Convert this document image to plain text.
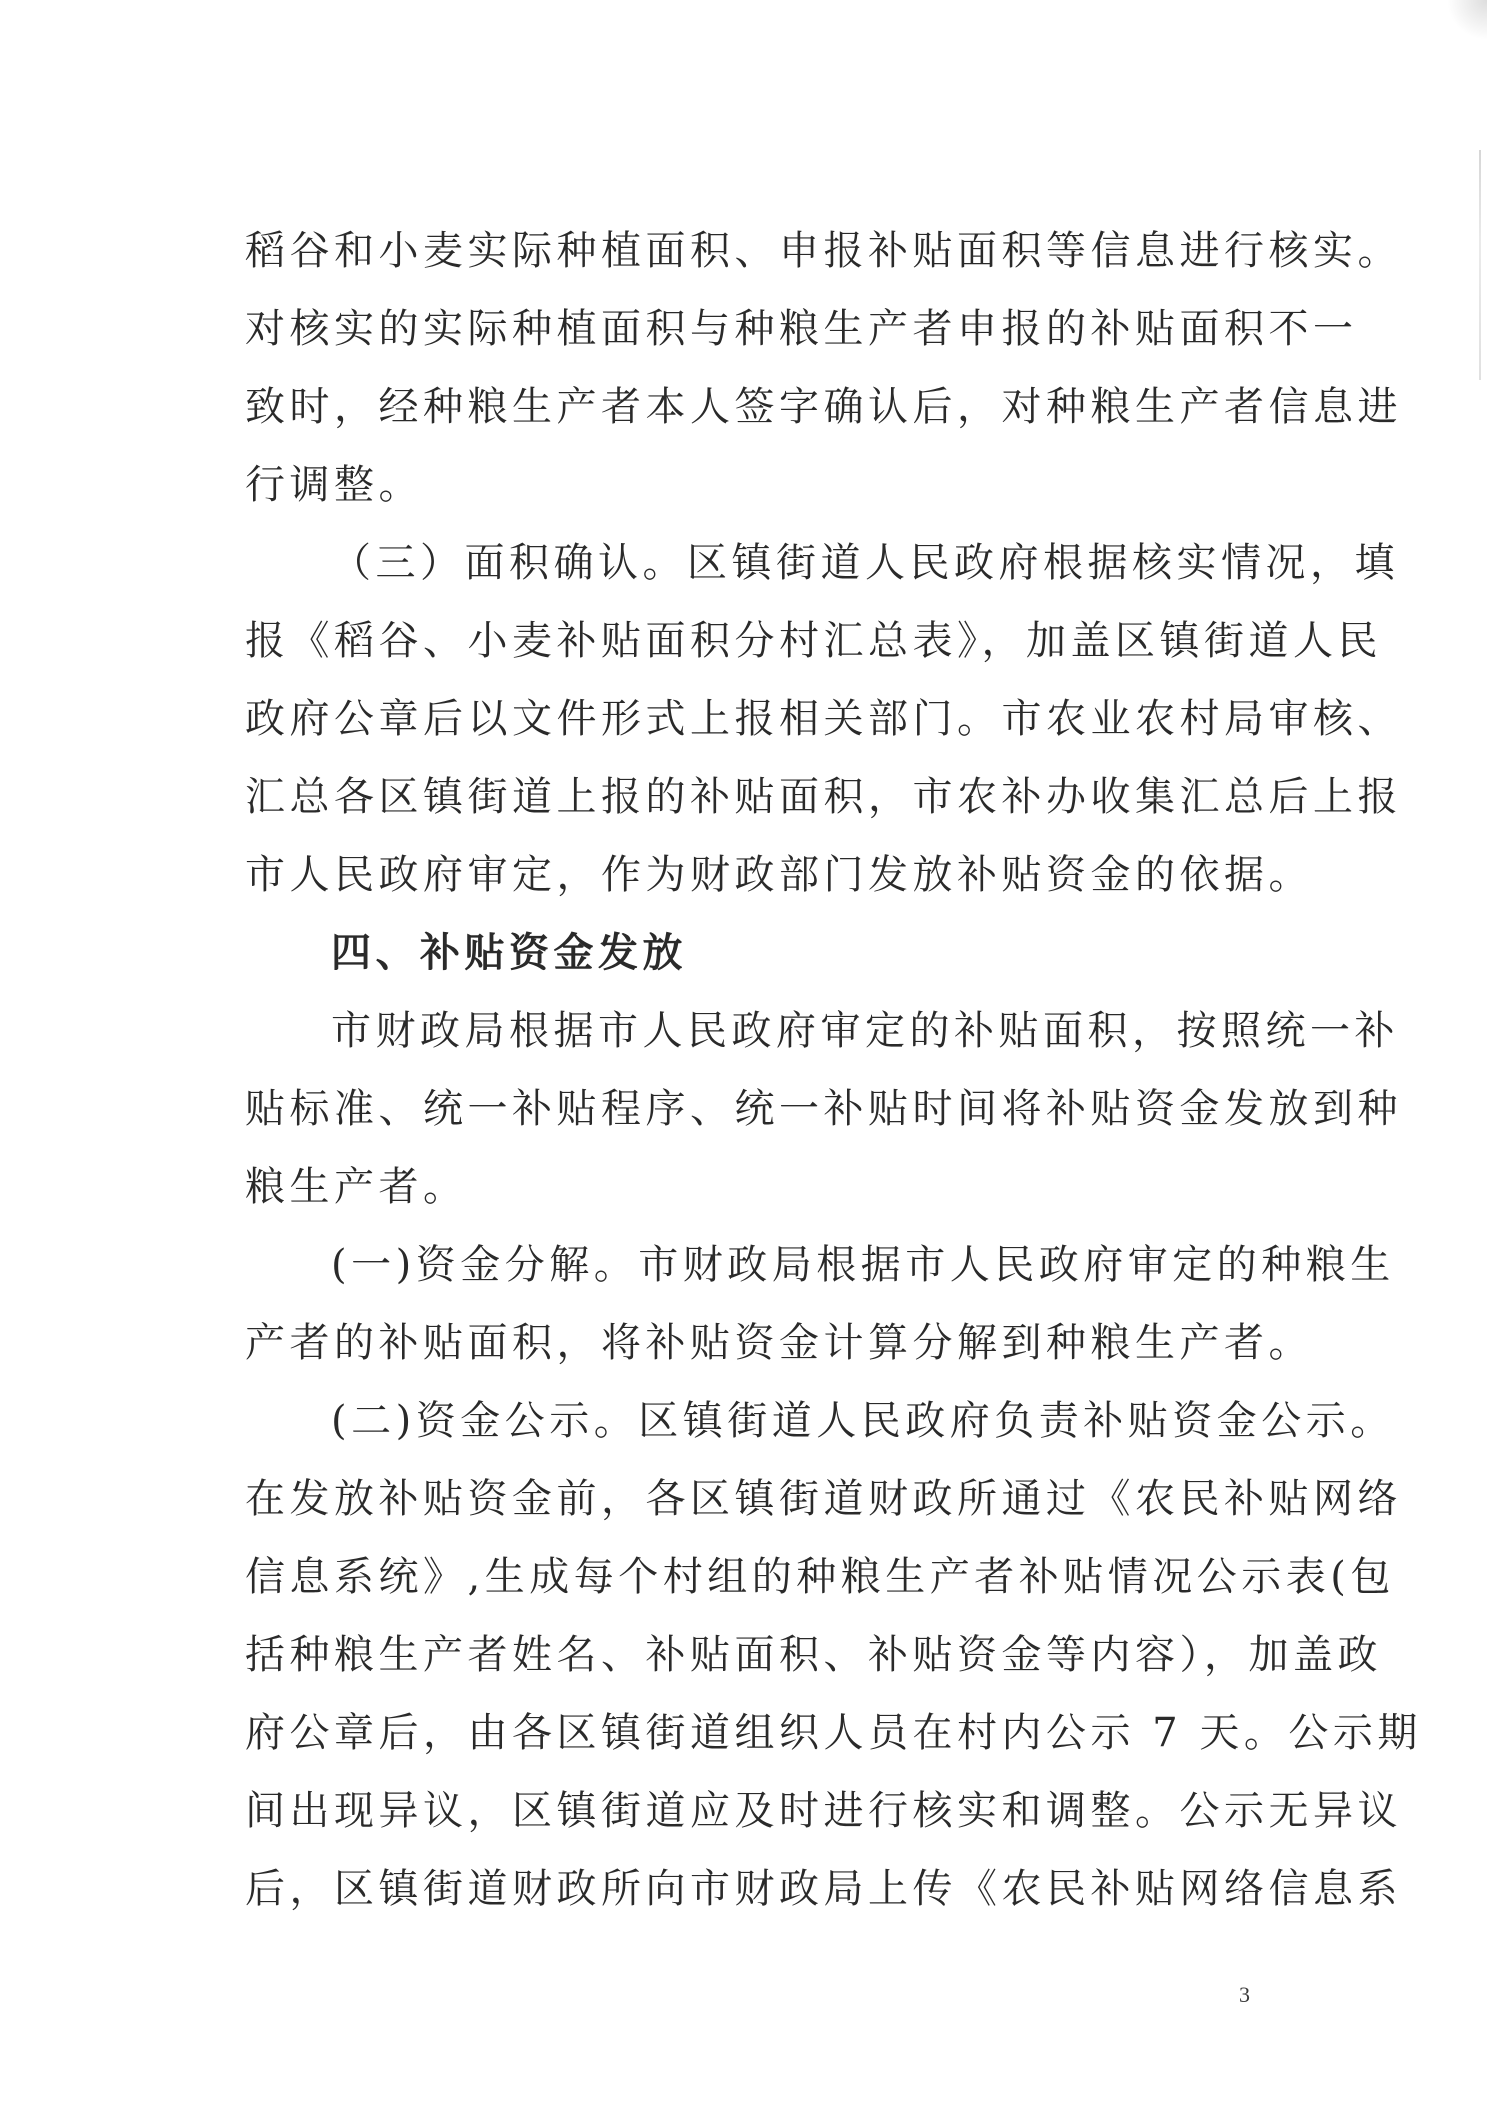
稻谷和小麦实际种植面积、申报补贴面积等信息进行核实。
对核实的实际种植面积与种粮生产者申报的补贴面积不一
致时，经种粮生产者本人签字确认后，对种粮生产者信息进
行调整。
（三）面积确认。区镇街道人民政府根据核实情况，填
报《稻谷、小麦补贴面积分村汇总表》，加盖区镇街道人民
政府公章后以文件形式上报相关部门。市农业农村局审核、
汇总各区镇街道上报的补贴面积，市农补办收集汇总后上报
市人民政府审定，作为财政部门发放补贴资金的依据。
四、补贴资金发放
市财政局根据市人民政府审定的补贴面积，按照统一补
贴标准、统一补贴程序、统一补贴时间将补贴资金发放到种
粮生产者。
(一)资金分解。市财政局根据市人民政府审定的种粮生
产者的补贴面积，将补贴资金计算分解到种粮生产者。
(二)资金公示。区镇街道人民政府负责补贴资金公示。
在发放补贴资金前，各区镇街道财政所通过《农民补贴网络
信息系统》,生成每个村组的种粮生产者补贴情况公示表(包
括种粮生产者姓名、补贴面积、补贴资金等内容），加盖政
府公章后，由各区镇街道组织人员在村内公示 7 天。公示期
间出现异议，区镇街道应及时进行核实和调整。公示无异议
后，区镇街道财政所向市财政局上传《农民补贴网络信息系
3
